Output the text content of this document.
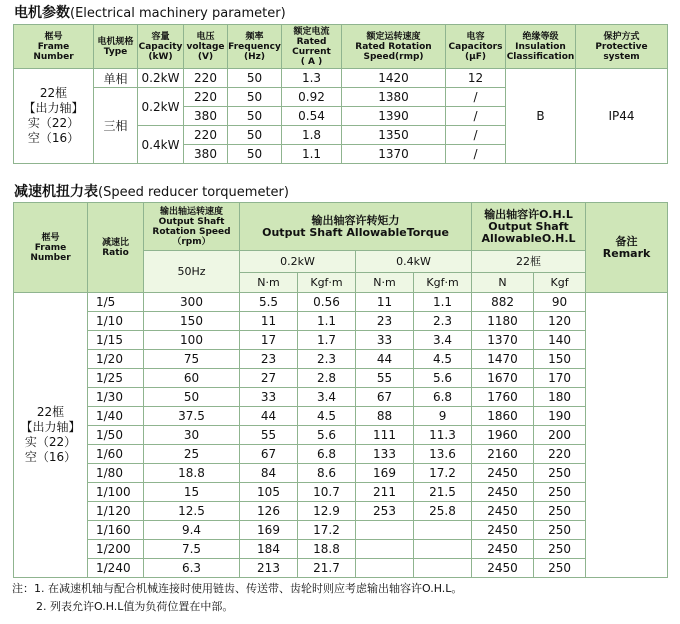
电机参数(Electrical machinery parameter)
框号
Frame
Number	电机规格
Type	容量
Capacity
(kW)	电压
voltage
(V)	频率
Frequency
(Hz)	额定电流
Rated
Current
( A )	额定运转速度
Rated Rotation
Speed(rmp)	电容
Capacitors
(μF)	绝缘等级
Insulation
Classification	保护方式
Protective
system
22框
【出力轴】
实（22）
空（16）	单相	0.2kW	220	50	1.3	1420	12	B	IP44
	三相	0.2kW	220	50	0.92	1380	/		
			380	50	0.54	1390	/		
		0.4kW	220	50	1.8	1350	/		
			380	50	1.1	1370	/		
减速机扭力表(Speed reducer torquemeter)
框号
Frame
Number	减速比
Ratio	输出轴运转速度
Output Shaft
Rotation Speed
（rpm）	输出轴容许转矩力
Output Shaft AllowableTorque				输出轴容许O.H.L
Output Shaft
AllowableO.H.L		备注
Remark
		50Hz	0.2kW		0.4kW		22框		
			N·m	Kgf·m	N·m	Kgf·m	N	Kgf	
22框
【出力轴】
实（22）
空（16）	1/5	300	5.5	0.56	11	1.1	882	90	
	1/10	150	11	1.1	23	2.3	1180	120	
	1/15	100	17	1.7	33	3.4	1370	140	
	1/20	75	23	2.3	44	4.5	1470	150	
	1/25	60	27	2.8	55	5.6	1670	170	
	1/30	50	33	3.4	67	6.8	1760	180	
	1/40	37.5	44	4.5	88	9	1860	190	
	1/50	30	55	5.6	111	11.3	1960	200	
	1/60	25	67	6.8	133	13.6	2160	220	
	1/80	18.8	84	8.6	169	17.2	2450	250	
	1/100	15	105	10.7	211	21.5	2450	250	
	1/120	12.5	126	12.9	253	25.8	2450	250	
	1/160	9.4	169	17.2			2450	250	
	1/200	7.5	184	18.8			2450	250	
	1/240	6.3	213	21.7			2450	250	
注：1. 在减速机轴与配合机械连接时使用链齿、传送带、齿轮时则应考虑输出轴容许O.H.L。
2. 列表允许O.H.L值为负荷位置在中部。
